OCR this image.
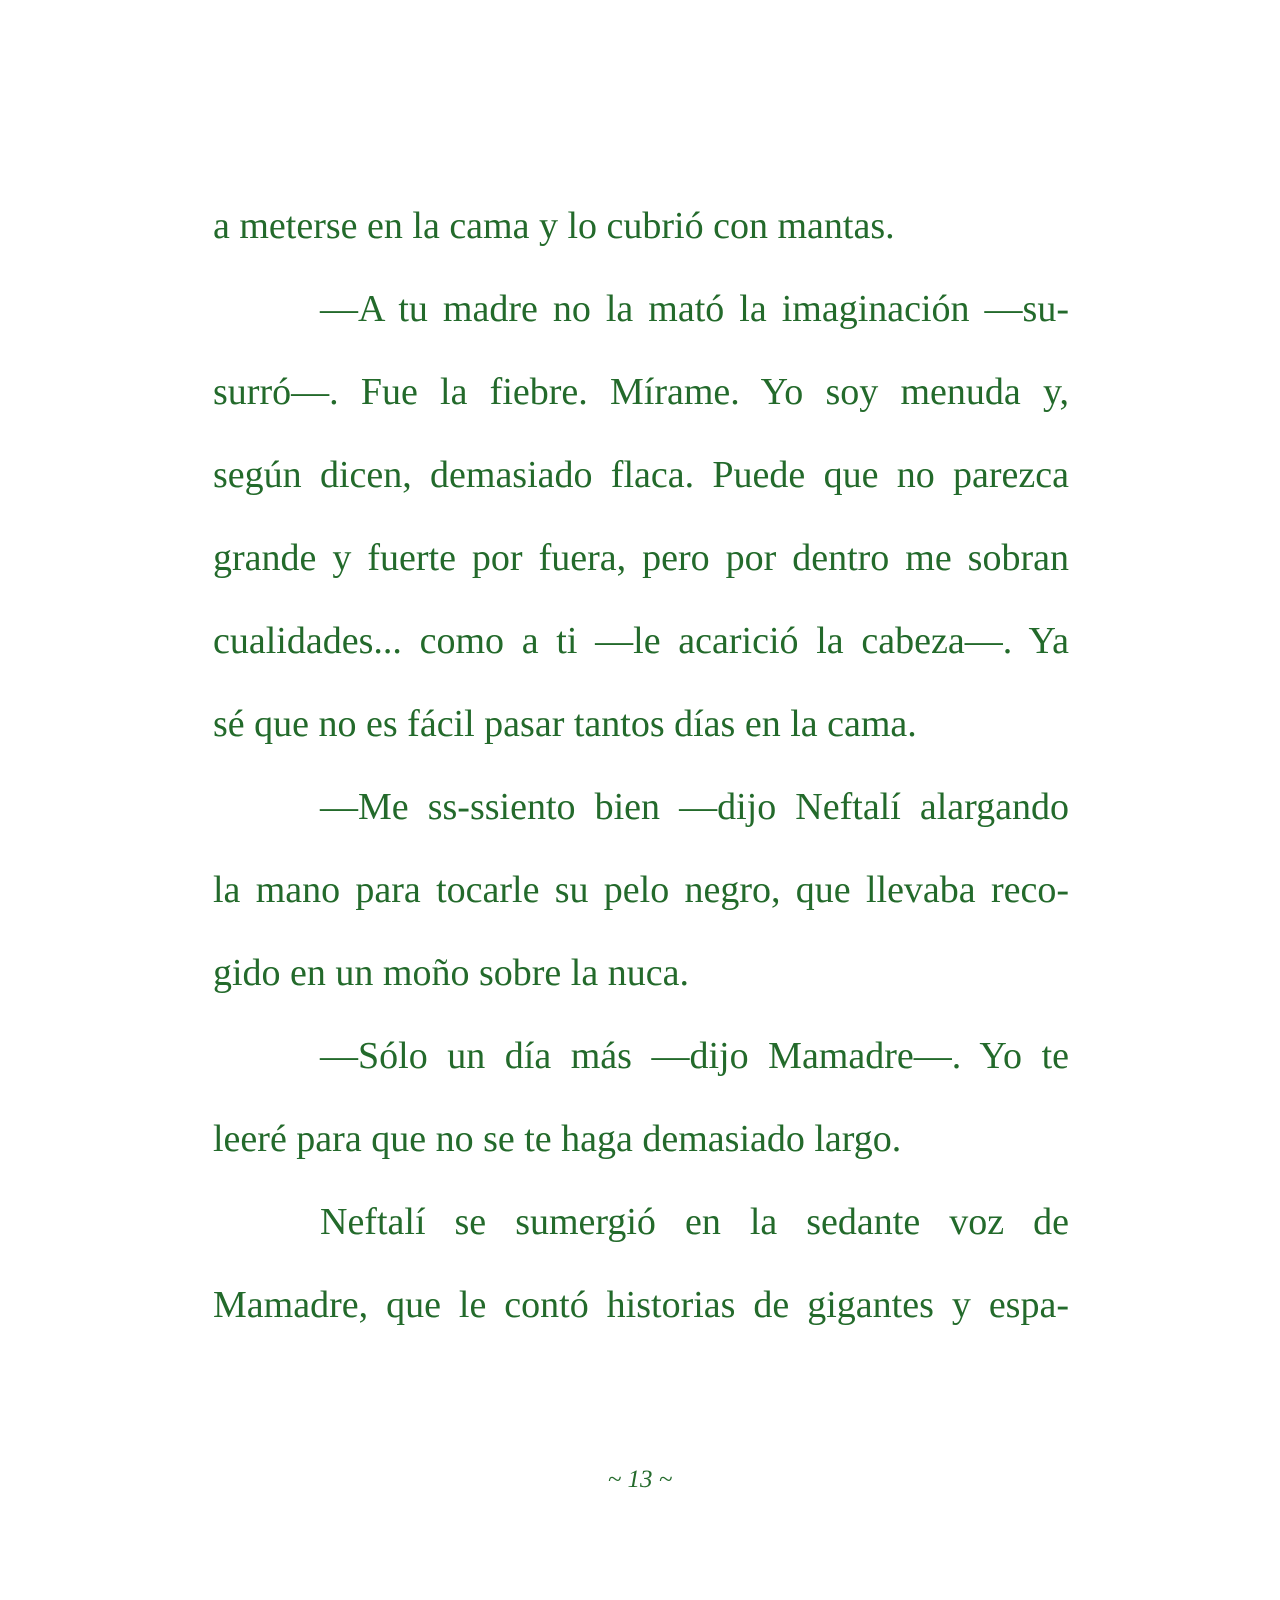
a meterse en la cama y lo cubrió con mantas.
—A tu madre no la mató la imaginación —su-
surró—. Fue la fiebre. Mírame. Yo soy menuda y,
según dicen, demasiado flaca. Puede que no parezca
grande y fuerte por fuera, pero por dentro me sobran
cualidades... como a ti —le acarició la cabeza—. Ya
sé que no es fácil pasar tantos días en la cama.
—Me ss-ssiento bien —dijo Neftalí alargando
la mano para tocarle su pelo negro, que llevaba reco-
gido en un moño sobre la nuca.
—Sólo un día más —dijo Mamadre—. Yo te
leeré para que no se te haga demasiado largo.
Neftalí se sumergió en la sedante voz de
Mamadre, que le contó historias de gigantes y espa-
~ 13 ~
